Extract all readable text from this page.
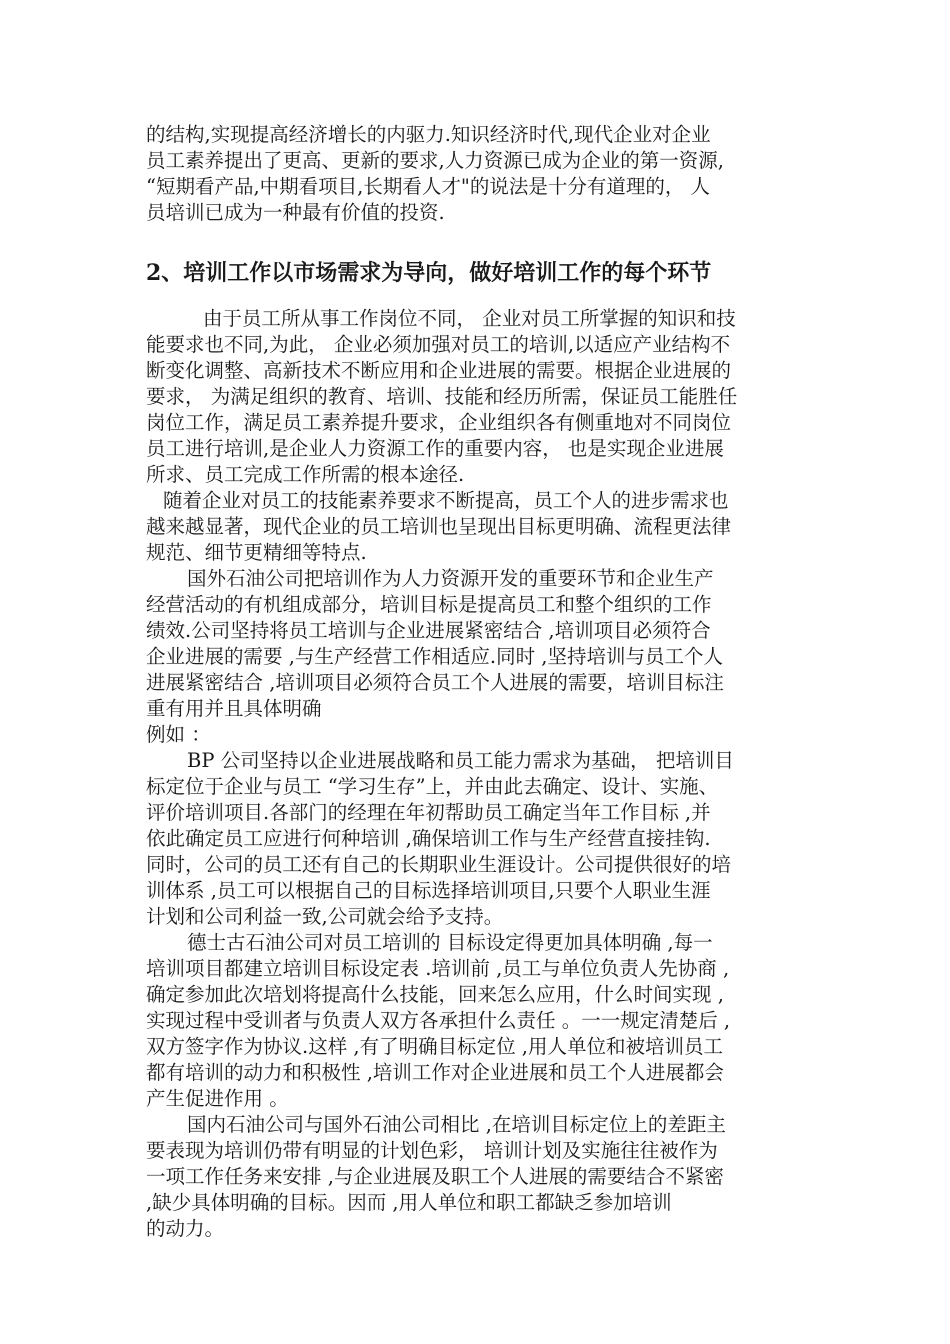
的结构,实现提高经济增长的内驱力.知识经济时代,现代企业对企业
员工素养提出了更高、更新的要求,人力资源已成为企业的第一资源,
“短期看产品,中期看项目,长期看人才"的说法是十分有道理的， 人
员培训已成为一种最有价值的投资.
2、培训工作以市场需求为导向，做好培训工作的每个环节
由于员工所从事工作岗位不同， 企业对员工所掌握的知识和技
能要求也不同,为此， 企业必须加强对员工的培训,以适应产业结构不
断变化调整、高新技术不断应用和企业进展的需要。根据企业进展的
要求， 为满足组织的教育、培训、技能和经历所需，保证员工能胜任
岗位工作，满足员工素养提升要求，企业组织各有侧重地对不同岗位
员工进行培训,是企业人力资源工作的重要内容， 也是实现企业进展
所求、员工完成工作所需的根本途径.
随着企业对员工的技能素养要求不断提高，员工个人的进步需求也
越来越显著，现代企业的员工培训也呈现出目标更明确、流程更法律
规范、细节更精细等特点.
国外石油公司把培训作为人力资源开发的重要环节和企业生产
经营活动的有机组成部分，培训目标是提高员工和整个组织的工作
绩效.公司坚持将员工培训与企业进展紧密结合 ,培训项目必须符合
企业进展的需要 ,与生产经营工作相适应.同时 ,坚持培训与员工个人
进展紧密结合 ,培训项目必须符合员工个人进展的需要，培训目标注
重有用并且具体明确
例如 ：
BP 公司坚持以企业进展战略和员工能力需求为基础， 把培训目
标定位于企业与员工 “学习生存”上，并由此去确定、设计、实施、
评价培训项目.各部门的经理在年初帮助员工确定当年工作目标 ,并
依此确定员工应进行何种培训 ,确保培训工作与生产经营直接挂钩.
同时，公司的员工还有自己的长期职业生涯设计。公司提供很好的培
训体系 ,员工可以根据自己的目标选择培训项目,只要个人职业生涯
计划和公司利益一致,公司就会给予支持。
德士古石油公司对员工培训的 目标设定得更加具体明确 ,每一
培训项目都建立培训目标设定表 .培训前 ,员工与单位负责人先协商 ,
确定参加此次培划将提高什么技能，回来怎么应用，什么时间实现 ,
实现过程中受训者与负责人双方各承担什么责任 。一一规定清楚后 ,
双方签字作为协议.这样 ,有了明确目标定位 ,用人单位和被培训员工
都有培训的动力和积极性 ,培训工作对企业进展和员工个人进展都会
产生促进作用 。
国内石油公司与国外石油公司相比 ,在培训目标定位上的差距主
要表现为培训仍带有明显的计划色彩， 培训计划及实施往往被作为
一项工作任务来安排 ,与企业进展及职工个人进展的需要结合不紧密
,缺少具体明确的目标。因而 ,用人单位和职工都缺乏参加培训
的动力。
